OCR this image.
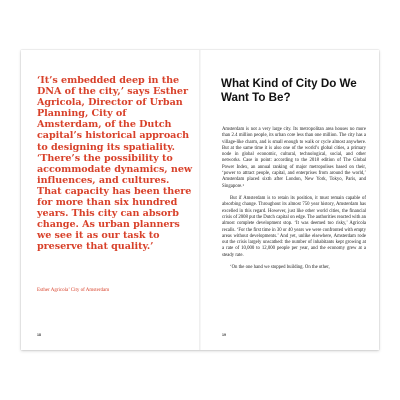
‘It’s embedded deep in the DNA of the city,’ says Esther Agricola, Director of Urban Planning, City of Amsterdam, of the Dutch capital’s historical approach to designing its spatiality. ‘There’s the possibility to accommodate dynamics, new influences, and cultures. That capacity has been there for more than six hundred years. This city can absorb change. As urban planners we see it as our task to preserve that quality.’
Esther Agricola’ City of Amsterdam
18
What Kind of City Do We Want To Be?

Amsterdam is not a very large city. Its metropolitan area houses no more than 2.4 million people, its urban core less than one million. The city has a village-like charm, and is small enough to walk or cycle almost anywhere. But at the same time it is also one of the world’s global cities, a primary node in global economic, cultural, technological, social, and other networks. Case in point: according to the 2018 edition of The Global Power Index, an annual ranking of major metropolises based on their, ‘power to attract people, capital, and enterprises from around the world,’ Amsterdam placed sixth after London, New York, Tokyo, Paris, and Singapore.¹

But if Amsterdam is to retain its position, it must remain capable of absorbing change. Throughout its almost 750 year history, Amsterdam has excelled in this regard. However, just like other world cities, the financial crisis of 2008 put the Dutch capital on edge. The authorities reacted with an almost complete development stop. ‘It was deemed too risky,’ Agricola recalls. ‘For the first time in 30 or 40 years we were confronted with empty areas without developments.’ And yet, unlike elsewhere, Amsterdam rode out the crisis largely unscathed: the number of inhabitants kept growing at a rate of 10,000 to 12,000 people per year, and the economy grew at a steady rate.

‘On the one hand we stopped building. On the other,

19
